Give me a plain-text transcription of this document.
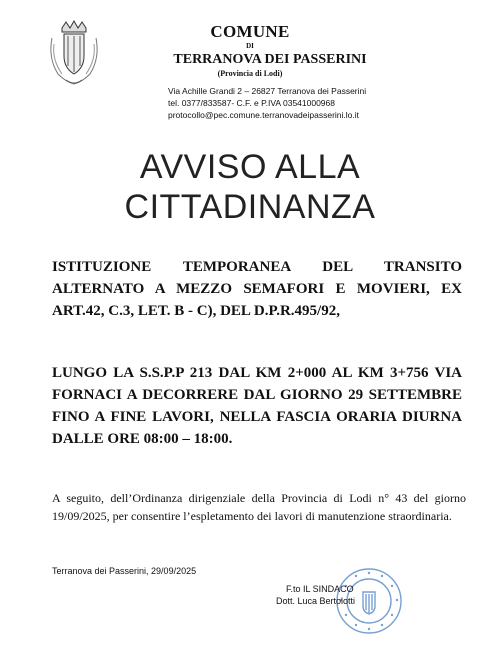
COMUNE
DI
TERRANOVA DEI PASSERINI
(Provincia di Lodi)
Via Achille Grandi 2 – 26827 Terranova dei Passerini
tel. 0377/833587- C.F. e P.IVA 03541000968
protocollo@pec.comune.terranovadeipasserini.lo.it
AVVISO ALLA
CITTADINANZA
ISTITUZIONE TEMPORANEA DEL TRANSITO ALTERNATO A MEZZO SEMAFORI E MOVIERI, EX ART.42, C.3, LET. B - C), DEL D.P.R.495/92,
LUNGO LA S.S.P.P 213 DAL KM 2+000 AL KM 3+756 VIA FORNACI A DECORRERE DAL GIORNO 29 SETTEMBRE FINO A FINE LAVORI, NELLA FASCIA ORARIA DIURNA DALLE ORE 08:00 – 18:00.
A seguito, dell’Ordinanza dirigenziale della Provincia di Lodi n° 43 del giorno 19/09/2025, per consentire l’espletamento dei lavori di manutenzione straordinaria.
Terranova dei Passerini, 29/09/2025
F.to IL SINDACO
Dott. Luca Bertolotti
